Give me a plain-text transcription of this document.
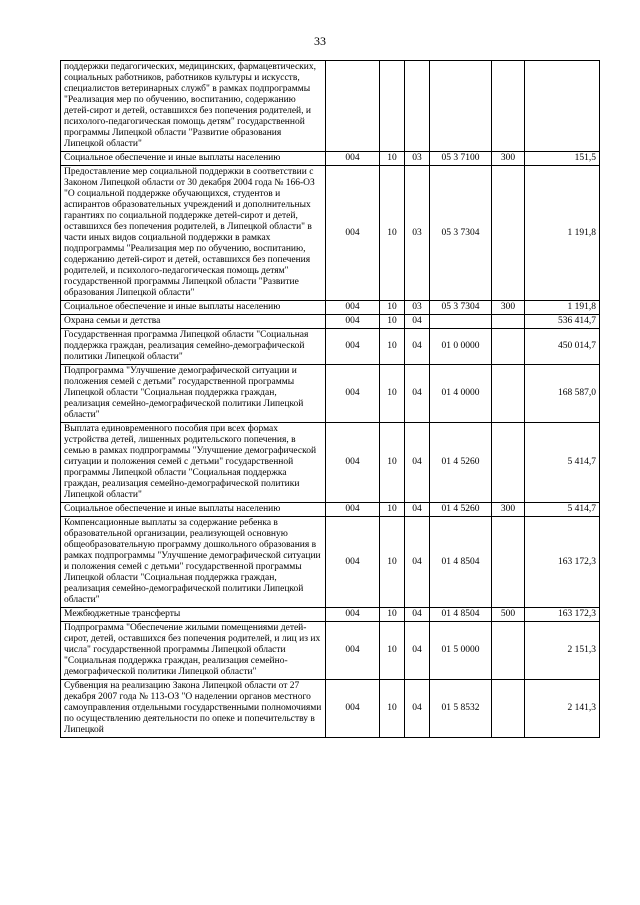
33
поддержки педагогических, медицинских, фармацевтических, социальных работников, работников культуры и искусств, специалистов ветеринарных служб" в рамках подпрограммы "Реализация мер по обучению, воспитанию, содержанию детей-сирот и детей, оставшихся без попечения родителей, и психолого-педагогическая помощь детям" государственной программы Липецкой области "Развитие образования Липецкой области"						
Социальное обеспечение и иные выплаты населению	004	10	03	05 3 7100	300	151,5
Предоставление мер социальной поддержки в соответствии с Законом Липецкой области от 30 декабря 2004 года № 166-ОЗ "О социальной поддержке обучающихся, студентов и аспирантов образовательных учреждений и дополнительных гарантиях по социальной поддержке детей-сирот и детей, оставшихся без попечения родителей, в Липецкой области" в части иных видов социальной поддержки в рамках подпрограммы "Реализация мер по обучению, воспитанию, содержанию детей-сирот и детей, оставшихся без попечения родителей, и психолого-педагогическая помощь детям" государственной программы Липецкой области "Развитие образования Липецкой области"	004	10	03	05 3 7304		1 191,8
Социальное обеспечение и иные выплаты населению	004	10	03	05 3 7304	300	1 191,8
Охрана семьи и детства	004	10	04			536 414,7
Государственная программа Липецкой области "Социальная поддержка граждан, реализация семейно-демографической политики Липецкой области"	004	10	04	01 0 0000		450 014,7
Подпрограмма "Улучшение демографической ситуации и положения семей с детьми" государственной программы Липецкой области "Социальная поддержка граждан, реализация семейно-демографической политики Липецкой области"	004	10	04	01 4 0000		168 587,0
Выплата единовременного пособия при всех формах устройства детей, лишенных родительского попечения, в семью в рамках подпрограммы "Улучшение демографической ситуации и положения семей с детьми" государственной программы Липецкой области "Социальная поддержка граждан, реализация семейно-демографической политики Липецкой области"	004	10	04	01 4 5260		5 414,7
Социальное обеспечение и иные выплаты населению	004	10	04	01 4 5260	300	5 414,7
Компенсационные выплаты за содержание ребенка в образовательной организации, реализующей основную общеобразовательную программу дошкольного образования в рамках подпрограммы "Улучшение демографической ситуации и положения семей с детьми" государственной программы Липецкой области "Социальная поддержка граждан, реализация семейно-демографической политики Липецкой области"	004	10	04	01 4 8504		163 172,3
Межбюджетные трансферты	004	10	04	01 4 8504	500	163 172,3
Подпрограмма "Обеспечение жилыми помещениями детей-сирот, детей, оставшихся без попечения родителей, и лиц из их числа" государственной программы Липецкой области "Социальная поддержка граждан, реализация семейно-демографической политики Липецкой области"	004	10	04	01 5 0000		2 151,3
Субвенция на реализацию Закона Липецкой области от 27 декабря 2007 года № 113-ОЗ "О наделении органов местного самоуправления отдельными государственными полномочиями по осуществлению деятельности по опеке и попечительству в Липецкой	004	10	04	01 5 8532		2 141,3
